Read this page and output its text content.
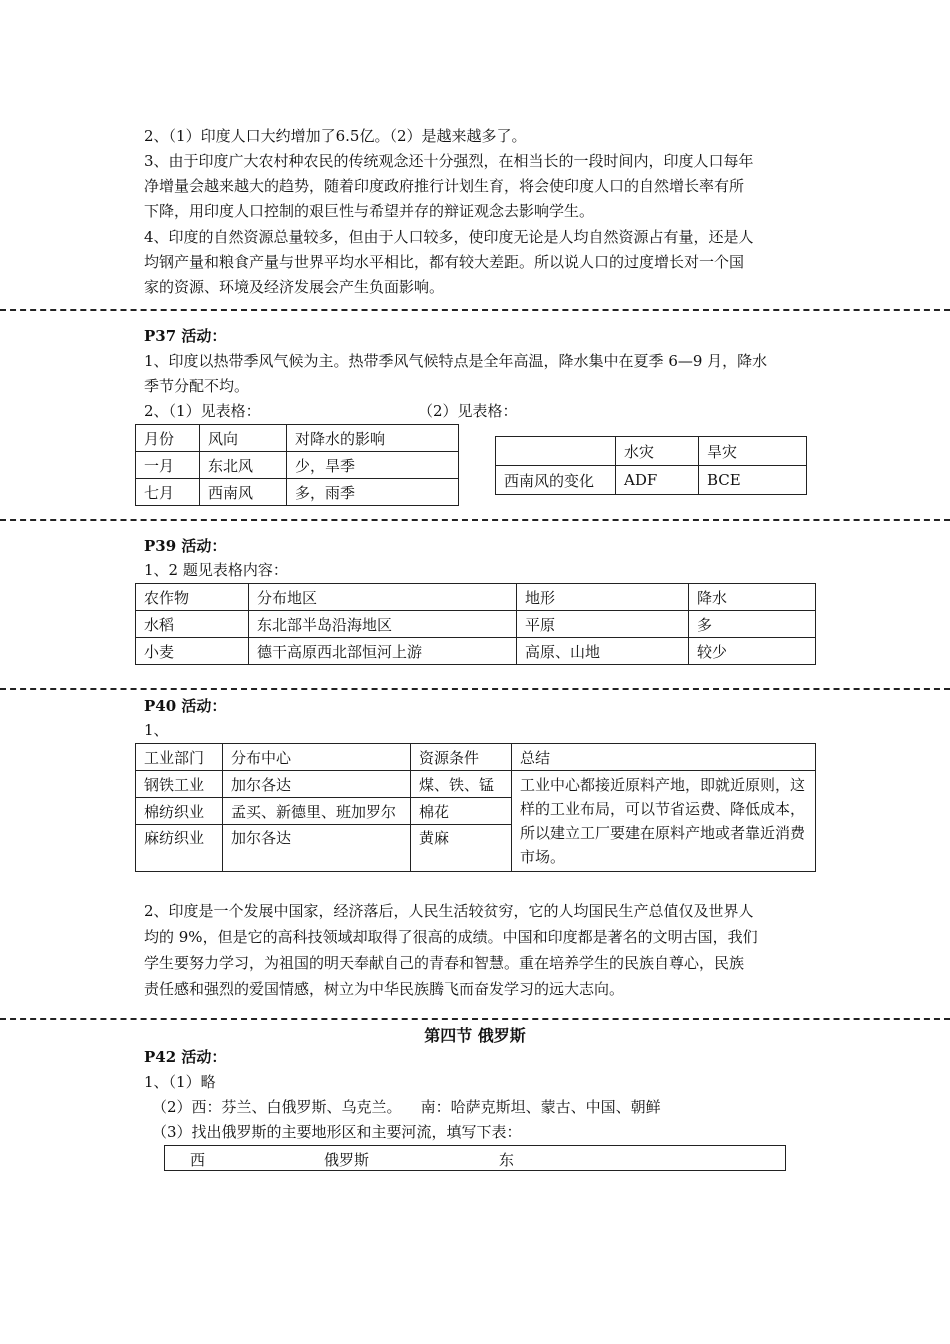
2、（1）印度人口大约增加了6.5亿。（2）是越来越多了。
3、由于印度广大农村种农民的传统观念还十分强烈，在相当长的一段时间内，印度人口每年
净增量会越来越大的趋势，随着印度政府推行计划生育，将会使印度人口的自然增长率有所
下降，用印度人口控制的艰巨性与希望并存的辩证观念去影响学生。
4、印度的自然资源总量较多，但由于人口较多，使印度无论是人均自然资源占有量，还是人
均钢产量和粮食产量与世界平均水平相比，都有较大差距。所以说人口的过度增长对一个国
家的资源、环境及经济发展会产生负面影响。
P37 活动：
1、印度以热带季风气候为主。热带季风气候特点是全年高温，降水集中在夏季 6—9 月，降水
季节分配不均。
2、（1）见表格：	（2）见表格：
月份	风向	对降水的影响
一月	东北风	少，旱季
七月	西南风	多，雨季
	水灾	旱灾
西南风的变化	ADF	BCE
P39 活动：
1、2 题见表格内容：
农作物	分布地区	地形	降水
水稻	东北部半岛沿海地区	平原	多
小麦	德干高原西北部恒河上游	高原、山地	较少
P40 活动：
1、
工业部门	分布中心	资源条件	总结
钢铁工业	加尔各达	煤、铁、锰	工业中心都接近原料产地，即就近原则，这样的工业布局，可以节省运费、降低成本，所以建立工厂要建在原料产地或者靠近消费市场。
棉纺织业	孟买、新德里、班加罗尔	棉花	
麻纺织业	加尔各达	黄麻	
2、印度是一个发展中国家，经济落后，人民生活较贫穷，它的人均国民生产总值仅及世界人
均的 9%，但是它的高科技领域却取得了很高的成绩。中国和印度都是著名的文明古国，我们
学生要努力学习，为祖国的明天奉献自己的青春和智慧。重在培养学生的民族自尊心，民族
责任感和强烈的爱国情感，树立为中华民族腾飞而奋发学习的远大志向。
第四节 俄罗斯
P42 活动：
1、（1）略
（2）西：芬兰、白俄罗斯、乌克兰。    南：哈萨克斯坦、蒙古、中国、朝鲜
（3）找出俄罗斯的主要地形区和主要河流，填写下表：
西	俄罗斯	东
